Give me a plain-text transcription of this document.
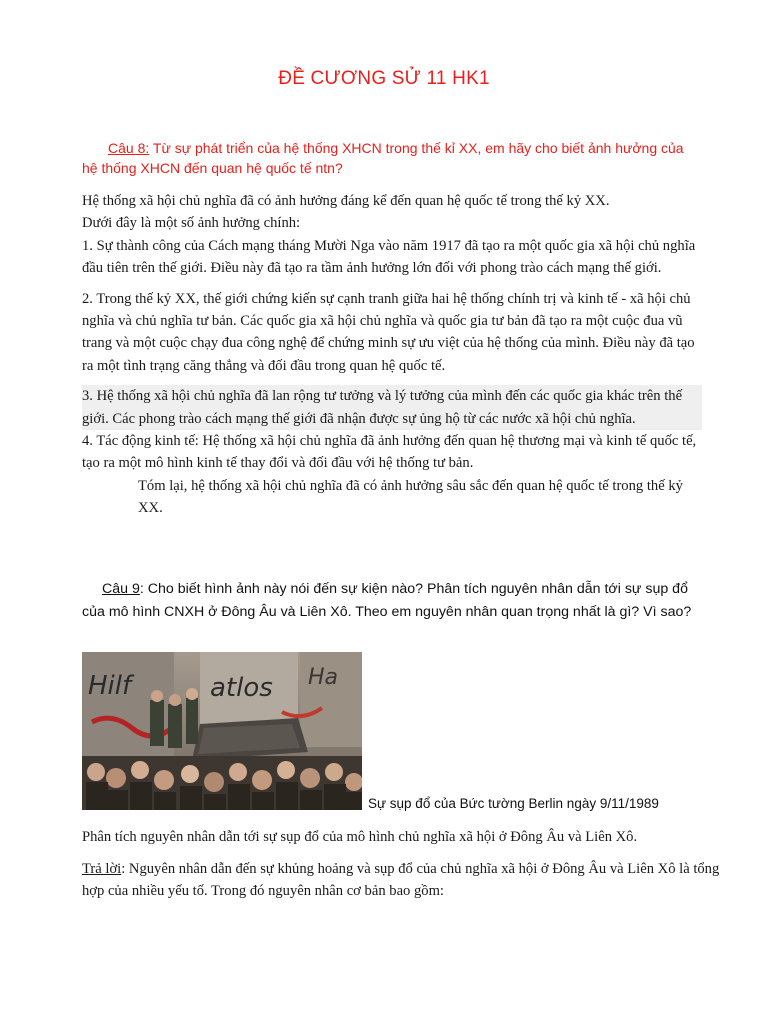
ĐỀ CƯƠNG SỬ 11 HK1
Câu 8: Từ sự phát triển của hệ thống XHCN trong thế kỉ XX, em hãy cho biết ảnh hưởng của hệ thống XHCN đến quan hệ quốc tế ntn?

Hệ thống xã hội chủ nghĩa đã có ảnh hưởng đáng kể đến quan hệ quốc tế trong thế kỷ XX.

Dưới đây là một số ảnh hưởng chính:

1. Sự thành công của Cách mạng tháng Mười Nga vào năm 1917 đã tạo ra một quốc gia xã hội chủ nghĩa đầu tiên trên thế giới. Điều này đã tạo ra tầm ảnh hưởng lớn đối với phong trào cách mạng thế giới.

2. Trong thế kỷ XX, thế giới chứng kiến sự cạnh tranh giữa hai hệ thống chính trị và kinh tế - xã hội chủ nghĩa và chủ nghĩa tư bản. Các quốc gia xã hội chủ nghĩa và quốc gia tư bản đã tạo ra một cuộc đua vũ trang và một cuộc chạy đua công nghệ để chứng minh sự ưu việt của hệ thống của mình. Điều này đã tạo ra một tình trạng căng thẳng và đối đầu trong quan hệ quốc tế.

3. Hệ thống xã hội chủ nghĩa đã lan rộng tư tưởng và lý tưởng của mình đến các quốc gia khác trên thế giới. Các phong trào cách mạng thế giới đã nhận được sự ủng hộ từ các nước xã hội chủ nghĩa.

4. Tác động kinh tế: Hệ thống xã hội chủ nghĩa đã ảnh hưởng đến quan hệ thương mại và kinh tế quốc tế, tạo ra một mô hình kinh tế thay đổi và đối đầu với hệ thống tư bản.

Tóm lại, hệ thống xã hội chủ nghĩa đã có ảnh hưởng sâu sắc đến quan hệ quốc tế trong thế kỷ XX.

Câu 9: Cho biết hình ảnh này nói đến sự kiện nào? Phân tích nguyên nhân dẫn tới sự sụp đổ của mô hình CNXH ở Đông Âu và Liên Xô. Theo em nguyên nhân quan trọng nhất là gì? Vì sao?
Hilf	atlos Ha
Sự sụp đổ của Bức tường Berlin ngày 9/11/1989
Phân tích nguyên nhân dẫn tới sự sụp đổ của mô hình chủ nghĩa xã hội ở Đông Âu và Liên Xô.
Trả lời: Nguyên nhân dẫn đến sự khủng hoảng và sụp đổ của chủ nghĩa xã hội ở Đông Âu và Liên Xô là tổng hợp của nhiều yếu tố. Trong đó nguyên nhân cơ bản bao gồm:
